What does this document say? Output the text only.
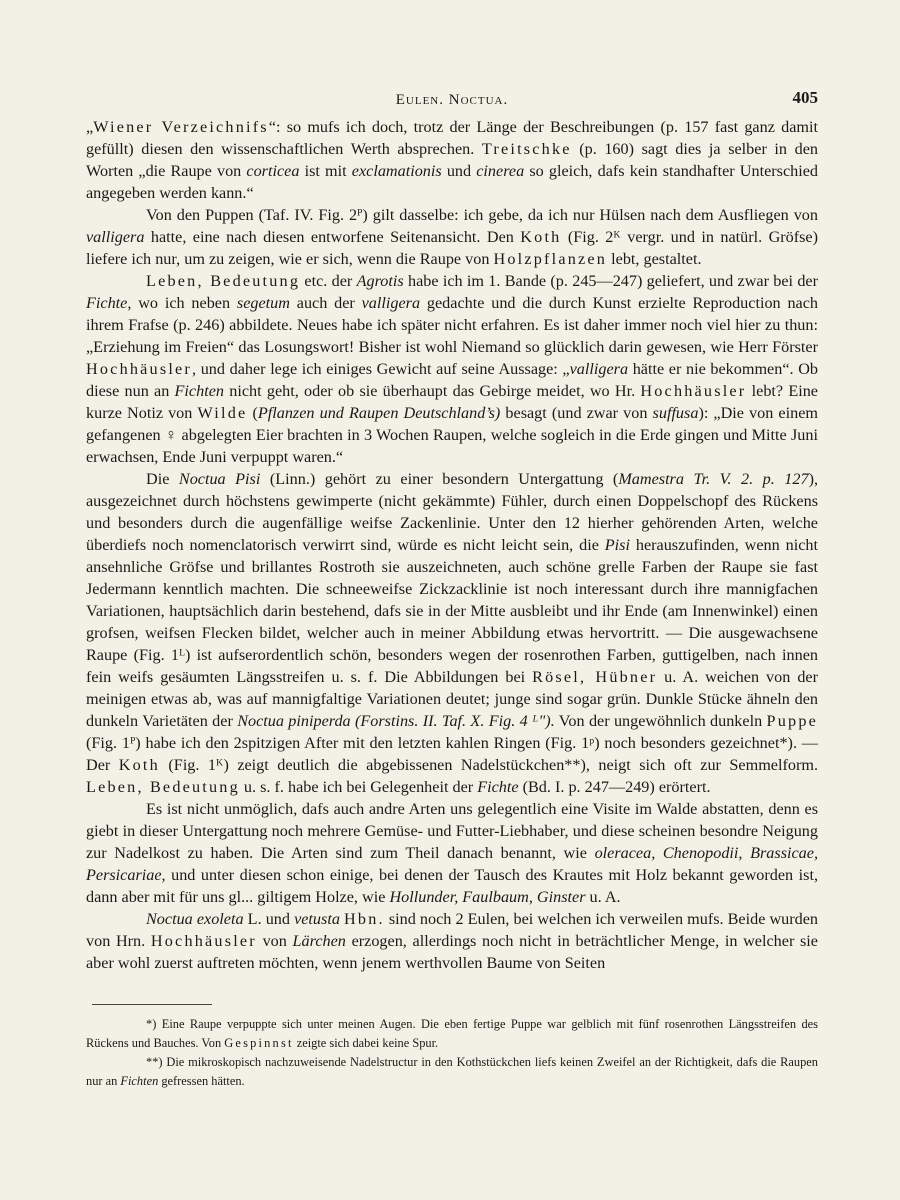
Eulen. Noctua.	405

„Wiener Verzeichnifs“: so mufs ich doch, trotz der Länge der Beschreibungen (p. 157 fast ganz damit gefüllt) diesen den wissenschaftlichen Werth absprechen. Treitschke (p. 160) sagt dies ja selber in den Worten „die Raupe von corticea ist mit exclamationis und cinerea so gleich, dafs kein standhafter Unterschied angegeben werden kann.“

Von den Puppen (Taf. IV. Fig. 2ᴾ) gilt dasselbe: ich gebe, da ich nur Hülsen nach dem Ausfliegen von valligera hatte, eine nach diesen entworfene Seitenansicht. Den Koth (Fig. 2ᴷ vergr. und in natürl. Gröfse) liefere ich nur, um zu zeigen, wie er sich, wenn die Raupe von Holzpflanzen lebt, gestaltet.

Leben, Bedeutung etc. der Agrotis habe ich im 1. Bande (p. 245—247) geliefert, und zwar bei der Fichte, wo ich neben segetum auch der valligera gedachte und die durch Kunst erzielte Reproduction nach ihrem Frafse (p. 246) abbildete. Neues habe ich später nicht erfahren. Es ist daher immer noch viel hier zu thun: „Erziehung im Freien“ das Losungswort! Bisher ist wohl Niemand so glücklich darin gewesen, wie Herr Förster Hochhäusler, und daher lege ich einiges Gewicht auf seine Aussage: „valligera hätte er nie bekommen“. Ob diese nun an Fichten nicht geht, oder ob sie überhaupt das Gebirge meidet, wo Hr. Hochhäusler lebt? Eine kurze Notiz von Wilde (Pflanzen und Raupen Deutschland’s) besagt (und zwar von suffusa): „Die von einem gefangenen ♀ abgelegten Eier brachten in 3 Wochen Raupen, welche sogleich in die Erde gingen und Mitte Juni erwachsen, Ende Juni verpuppt waren.“

Die Noctua Pisi (Linn.) gehört zu einer besondern Untergattung (Mamestra Tr. V. 2. p. 127), ausgezeichnet durch höchstens gewimperte (nicht gekämmte) Fühler, durch einen Doppelschopf des Rückens und besonders durch die augenfällige weifse Zackenlinie. Unter den 12 hierher gehörenden Arten, welche überdiefs noch nomenclatorisch verwirrt sind, würde es nicht leicht sein, die Pisi herauszufinden, wenn nicht ansehnliche Gröfse und brillantes Rostroth sie auszeichneten, auch schöne grelle Farben der Raupe sie fast Jedermann kenntlich machten. Die schneeweifse Zickzacklinie ist noch interessant durch ihre mannigfachen Variationen, hauptsächlich darin bestehend, dafs sie in der Mitte ausbleibt und ihr Ende (am Innenwinkel) einen grofsen, weifsen Flecken bildet, welcher auch in meiner Abbildung etwas hervortritt. — Die ausgewachsene Raupe (Fig. 1ᴸ) ist aufserordentlich schön, besonders wegen der rosenrothen Farben, guttigelben, nach innen fein weifs gesäumten Längsstreifen u. s. f. Die Abbildungen bei Rösel, Hübner u. A. weichen von der meinigen etwas ab, was auf mannigfaltige Variationen deutet; junge sind sogar grün. Dunkle Stücke ähneln den dunkeln Varietäten der Noctua piniperda (Forstins. II. Taf. X. Fig. 4 ᴸ"). Von der ungewöhnlich dunkeln Puppe (Fig. 1ᴾ) habe ich den 2spitzigen After mit den letzten kahlen Ringen (Fig. 1ᵖ) noch besonders gezeichnet*). — Der Koth (Fig. 1ᴷ) zeigt deutlich die abgebissenen Nadelstückchen**), neigt sich oft zur Semmelform. Leben, Bedeutung u. s. f. habe ich bei Gelegenheit der Fichte (Bd. I. p. 247—249) erörtert.

Es ist nicht unmöglich, dafs auch andre Arten uns gelegentlich eine Visite im Walde abstatten, denn es giebt in dieser Untergattung noch mehrere Gemüse- und Futter-Liebhaber, und diese scheinen besondre Neigung zur Nadelkost zu haben. Die Arten sind zum Theil danach benannt, wie oleracea, Chenopodii, Brassicae, Persicariae, und unter diesen schon einige, bei denen der Tausch des Krautes mit Holz bekannt geworden ist, dann aber mit für uns gl... giltigem Holze, wie Hollunder, Faulbaum, Ginster u. A.

Noctua exoleta L. und vetusta Hbn. sind noch 2 Eulen, bei welchen ich verweilen mufs. Beide wurden von Hrn. Hochhäusler von Lärchen erzogen, allerdings noch nicht in beträchtlicher Menge, in welcher sie aber wohl zuerst auftreten möchten, wenn jenem werthvollen Baume von Seiten

*) Eine Raupe verpuppte sich unter meinen Augen. Die eben fertige Puppe war gelblich mit fünf rosenrothen Längsstreifen des Rückens und Bauches. Von Gespinnst zeigte sich dabei keine Spur.

**) Die mikroskopisch nachzuweisende Nadelstructur in den Kothstückchen liefs keinen Zweifel an der Richtigkeit, dafs die Raupen nur an Fichten gefressen hätten.
